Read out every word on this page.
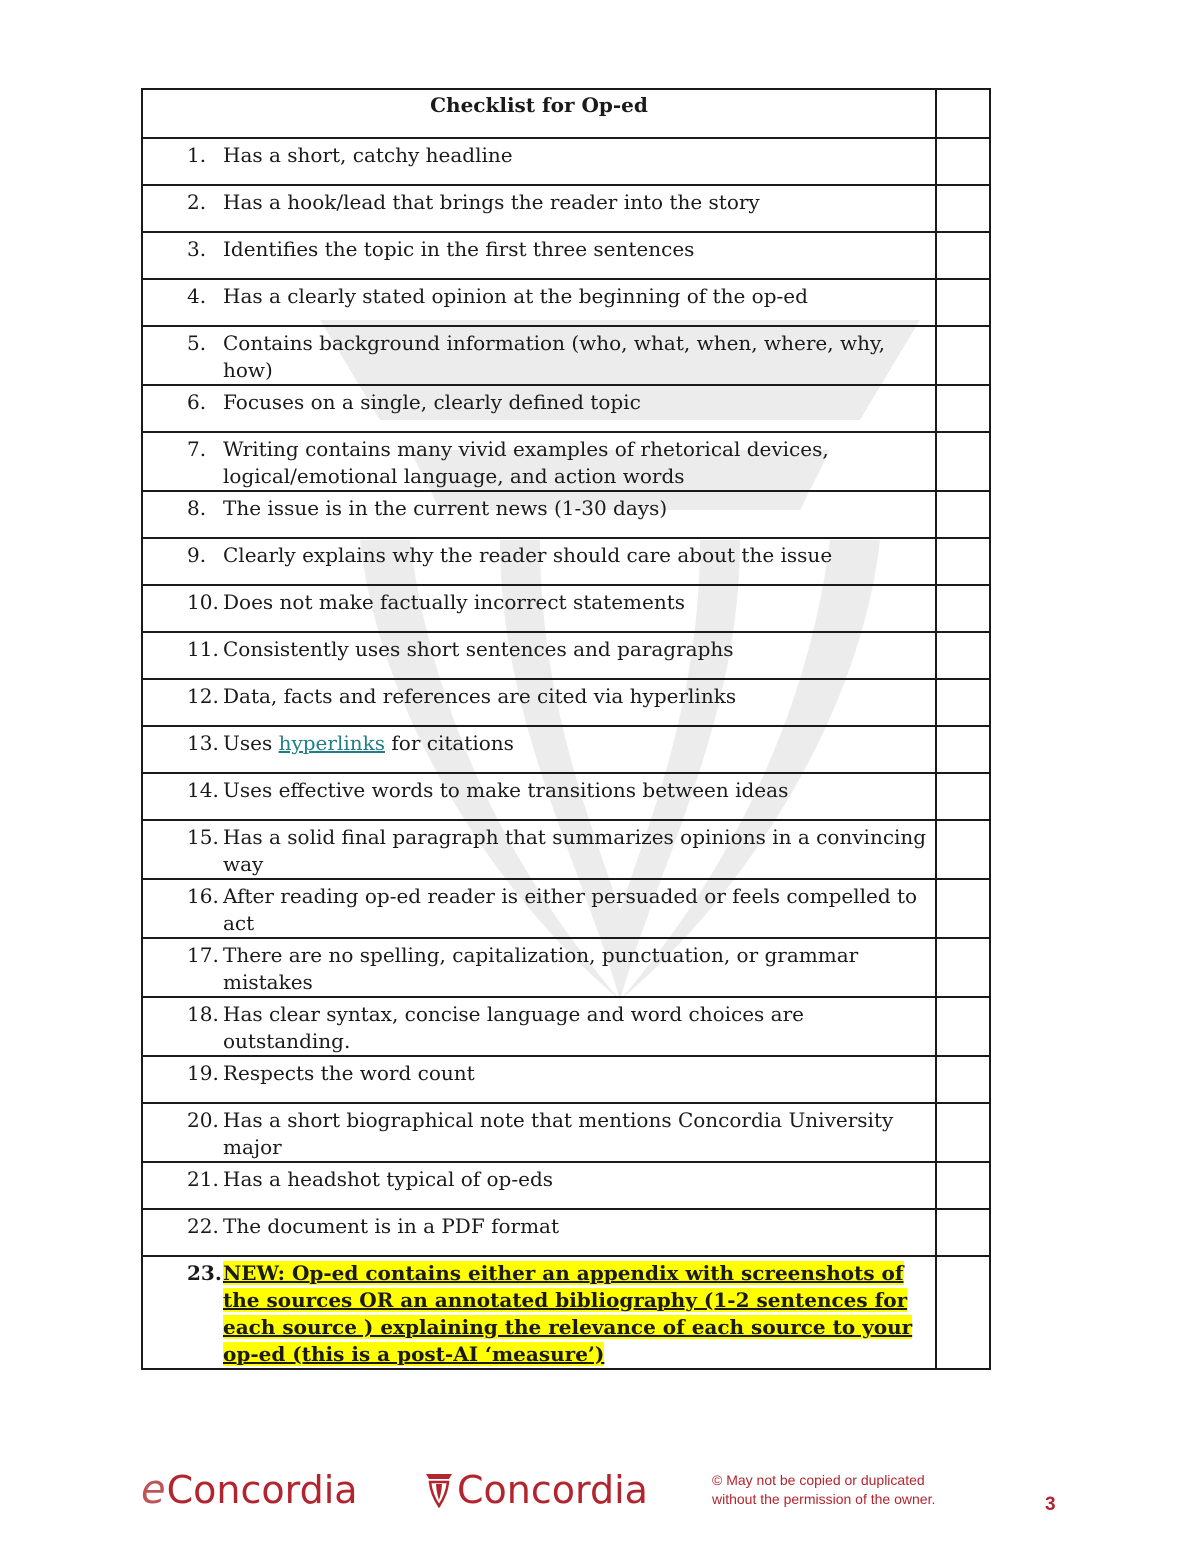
Checklist for Op-ed	

1. Has a short, catchy headline	

2. Has a hook/lead that brings the reader into the story	

3. Identifies the topic in the first three sentences	

4. Has a clearly stated opinion at the beginning of the op-ed	

5. Contains background information (who, what, when, where, why, how)	

6. Focuses on a single, clearly defined topic	

7. Writing contains many vivid examples of rhetorical devices, logical/emotional language, and action words	

8. The issue is in the current news (1-30 days)	

9. Clearly explains why the reader should care about the issue	

10. Does not make factually incorrect statements	

11. Consistently uses short sentences and paragraphs	

12. Data, facts and references are cited via hyperlinks	

13. Uses hyperlinks for citations	

14. Uses effective words to make transitions between ideas	

15. Has a solid final paragraph that summarizes opinions in a convincing way	

16. After reading op-ed reader is either persuaded or feels compelled to act	

17. There are no spelling, capitalization, punctuation, or grammar mistakes	

18. Has clear syntax, concise language and word choices are outstanding.	

19. Respects the word count	

20. Has a short biographical note that mentions Concordia University major	

21. Has a headshot typical of op-eds	

22. The document is in a PDF format	

23. NEW: Op-ed contains either an appendix with screenshots of the sources OR an annotated bibliography (1-2 sentences for each source ) explaining the relevance of each source to your op-ed (this is a post-AI ‘measure’)	

e Concordia	Concordia	© May not be copied or duplicated
without the permission of the owner.	3
